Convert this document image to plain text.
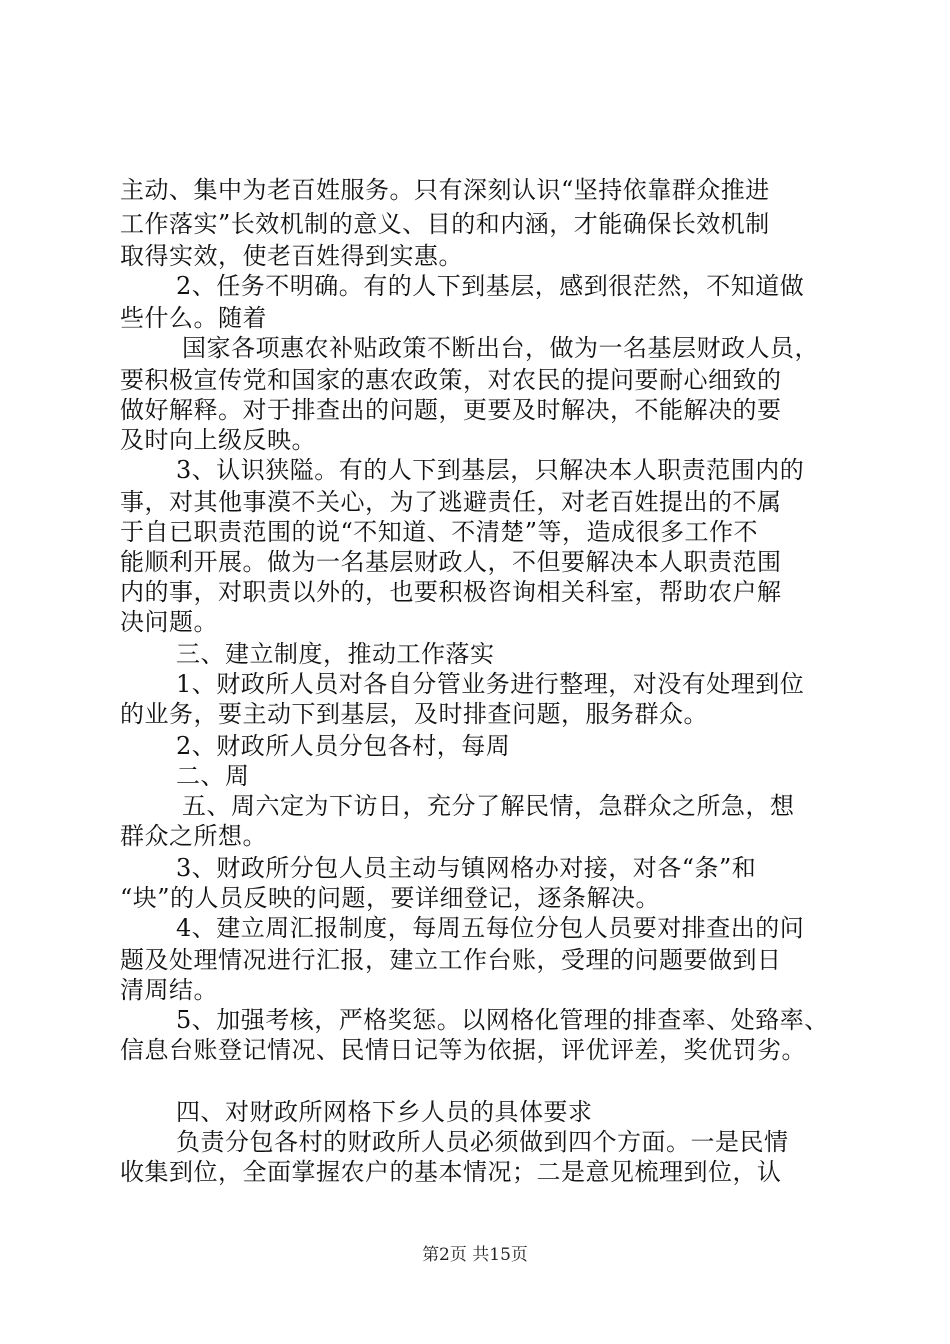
主动、集中为老百姓服务。只有深刻认识“坚持依靠群众推进
工作落实”长效机制的意义、目的和内涵，才能确保长效机制
取得实效，使老百姓得到实惠。
2、任务不明确。有的人下到基层，感到很茫然，不知道做
些什么。随着
国家各项惠农补贴政策不断出台，做为一名基层财政人员，
要积极宣传党和国家的惠农政策，对农民的提问要耐心细致的
做好解释。对于排查出的问题，更要及时解决，不能解决的要
及时向上级反映。
3、认识狭隘。有的人下到基层，只解决本人职责范围内的
事，对其他事漠不关心，为了逃避责任，对老百姓提出的不属
于自已职责范围的说“不知道、不清楚”等，造成很多工作不
能顺利开展。做为一名基层财政人，不但要解决本人职责范围
内的事，对职责以外的，也要积极咨询相关科室，帮助农户解
决问题。
三、建立制度，推动工作落实
1、财政所人员对各自分管业务进行整理，对没有处理到位
的业务，要主动下到基层，及时排查问题，服务群众。
2、财政所人员分包各村，每周
二、周
五、周六定为下访日，充分了解民情，急群众之所急，想
群众之所想。
3、财政所分包人员主动与镇网格办对接，对各“条”和
“块”的人员反映的问题，要详细登记，逐条解决。
4、建立周汇报制度，每周五每位分包人员要对排查出的问
题及处理情况进行汇报，建立工作台账，受理的问题要做到日
清周结。
5、加强考核，严格奖惩。以网格化管理的排查率、处臵率、
信息台账登记情况、民情日记等为依据，评优评差，奖优罚劣。
四、对财政所网格下乡人员的具体要求
负责分包各村的财政所人员必须做到四个方面。一是民情
收集到位，全面掌握农户的基本情况；二是意见梳理到位，认
第2页 共15页
